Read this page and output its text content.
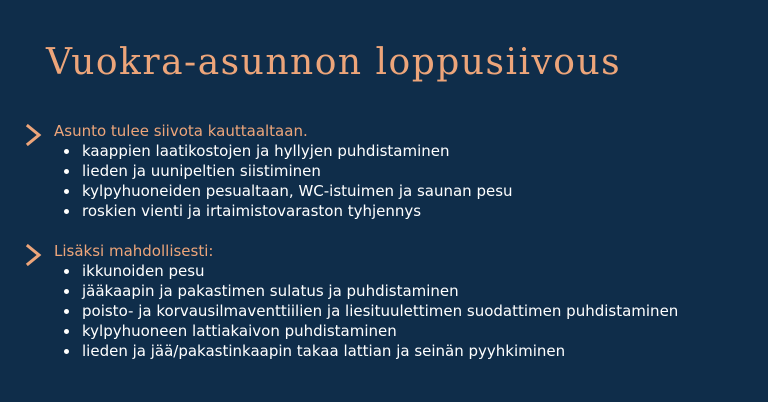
Vuokra-asunnon loppusiivous
Asunto tulee siivota kauttaaltaan.
kaappien laatikostojen ja hyllyjen puhdistaminen
lieden ja uunipeltien siistiminen
kylpyhuoneiden pesualtaan, WC-istuimen ja saunan pesu
roskien vienti ja irtaimistovaraston tyhjennys
Lisäksi mahdollisesti:
ikkunoiden pesu
jääkaapin ja pakastimen sulatus ja puhdistaminen
poisto- ja korvausilmaventtiilien ja liesituulettimen suodattimen puhdistaminen
kylpyhuoneen lattiakaivon puhdistaminen
lieden ja jää/pakastinkaapin takaa lattian ja seinän pyyhkiminen
